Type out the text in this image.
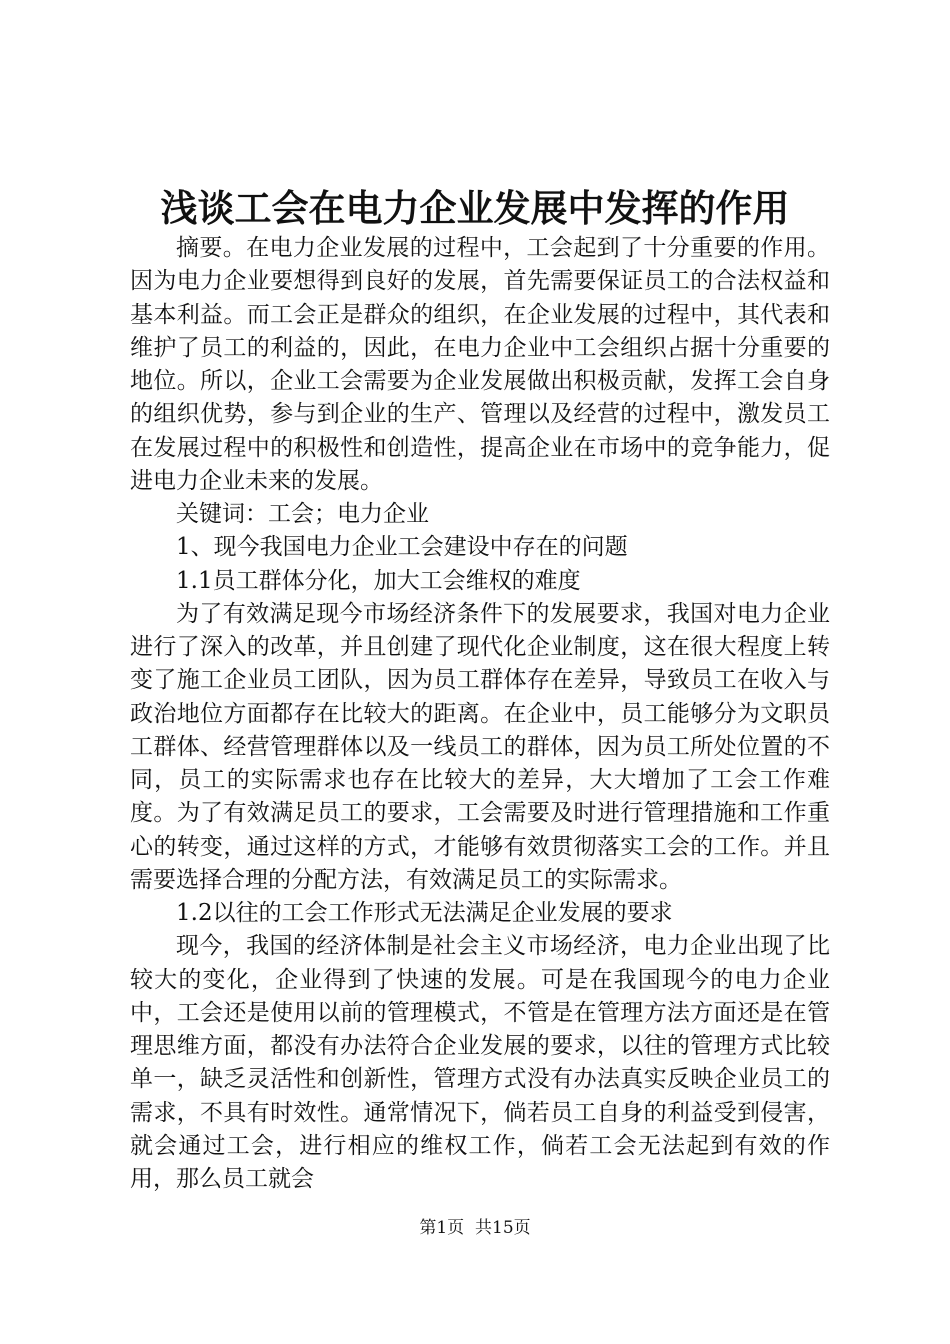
浅谈工会在电力企业发展中发挥的作用

摘要。在电力企业发展的过程中，工会起到了十分重要的作用。因为电力企业要想得到良好的发展，首先需要保证员工的合法权益和基本利益。而工会正是群众的组织，在企业发展的过程中，其代表和维护了员工的利益的，因此，在电力企业中工会组织占据十分重要的地位。所以，企业工会需要为企业发展做出积极贡献，发挥工会自身的组织优势，参与到企业的生产、管理以及经营的过程中，激发员工在发展过程中的积极性和创造性，提高企业在市场中的竞争能力，促进电力企业未来的发展。

关键词：工会；电力企业

1、现今我国电力企业工会建设中存在的问题

1.1员工群体分化，加大工会维权的难度

为了有效满足现今市场经济条件下的发展要求，我国对电力企业进行了深入的改革，并且创建了现代化企业制度，这在很大程度上转变了施工企业员工团队，因为员工群体存在差异，导致员工在收入与政治地位方面都存在比较大的距离。在企业中，员工能够分为文职员工群体、经营管理群体以及一线员工的群体，因为员工所处位置的不同，员工的实际需求也存在比较大的差异，大大增加了工会工作难度。为了有效满足员工的要求，工会需要及时进行管理措施和工作重心的转变，通过这样的方式，才能够有效贯彻落实工会的工作。并且需要选择合理的分配方法，有效满足员工的实际需求。

1.2以往的工会工作形式无法满足企业发展的要求

现今，我国的经济体制是社会主义市场经济，电力企业出现了比较大的变化，企业得到了快速的发展。可是在我国现今的电力企业中，工会还是使用以前的管理模式，不管是在管理方法方面还是在管理思维方面，都没有办法符合企业发展的要求，以往的管理方式比较单一，缺乏灵活性和创新性，管理方式没有办法真实反映企业员工的需求，不具有时效性。通常情况下，倘若员工自身的利益受到侵害，就会通过工会，进行相应的维权工作，倘若工会无法起到有效的作用，那么员工就会

第1页 共15页
